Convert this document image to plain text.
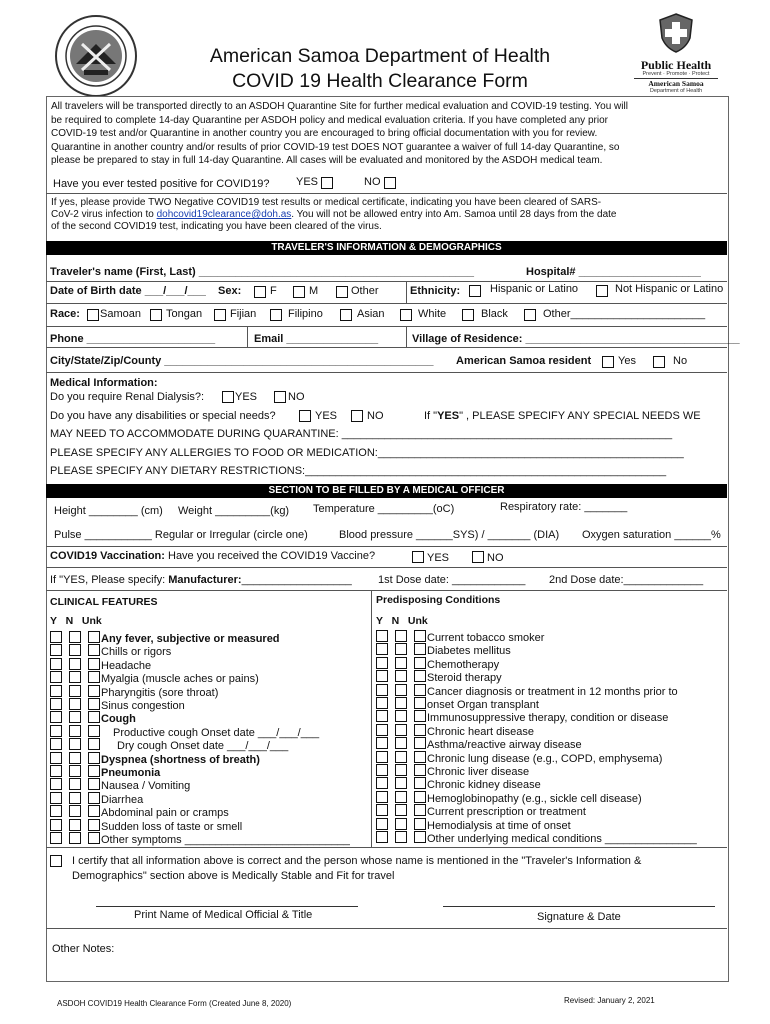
American Samoa Department of Health
COVID 19 Health Clearance Form
Public Health
Prevent · Promote · Protect
American Samoa
Department of Health
All travelers will be transported directly to an ASDOH Quarantine Site for further medical evaluation and COVID-19 testing. You will
be required to complete 14-day Quarantine per ASDOH policy and medical evaluation criteria. If you have completed any prior
COVID-19 test and/or Quarantine in another country you are encouraged to bring official documentation with you for review.
Quarantine in another country and/or results of prior COVID-19 test DOES NOT guarantee a waiver of full 14-day Quarantine, so
please be prepared to stay in full 14-day Quarantine. All cases will be evaluated and monitored by the ASDOH medical team.
Have you ever tested positive for COVID19? YES	NO
If yes, please provide TWO Negative COVID19 test results or medical certificate, indicating you have been cleared of SARS-
CoV-2 virus infection to dohcovid19clearance@doh.as. You will not be allowed entry into Am. Samoa until 28 days from the date
of the second COVID19 test, indicating you have been cleared of the virus.
TRAVELER'S INFORMATION & DEMOGRAPHICS
Traveler's name (First, Last) _____________________________________________	Hospital# ____________________
Date of Birth date ___/___/___ Sex:	F	M	Other	Ethnicity:	Hispanic or Latino	Not Hispanic or Latino
Race: Samoan Tongan	Fijian	Filipino	Asian	White	Black	Other______________________
Phone _____________________	Email _______________	Village of Residence: ___________________________________
City/State/Zip/County ____________________________________________ American Samoa resident Yes	No
Medical Information:
Do you require Renal Dialysis?:	YES	NO
Do you have any disabilities or special needs?	YES	NO	If "YES" , PLEASE SPECIFY ANY SPECIAL NEEDS WE
MAY NEED TO ACCOMMODATE DURING QUARANTINE: ______________________________________________________
PLEASE SPECIFY ANY ALLERGIES TO FOOD OR MEDICATION:__________________________________________________
PLEASE SPECIFY ANY DIETARY RESTRICTIONS:___________________________________________________________
SECTION TO BE FILLED BY A MEDICAL OFFICER
Height ________ (cm) Weight _________(kg) Temperature _________(oC)	Respiratory rate: _______
Pulse ___________ Regular or Irregular (circle one)	Blood pressure ______SYS) / _______ (DIA) Oxygen saturation ______%
COVID19 Vaccination: Have you received the COVID19 Vaccine?	YES	NO
If "YES, Please specify: Manufacturer:__________________ 1st Dose date: ____________ 2nd Dose date:_____________
CLINICAL FEATURES
Y   N   Unk
Any fever, subjective or measured
Chills or rigors
Headache
Myalgia (muscle aches or pains)
Pharyngitis (sore throat)
Sinus congestion
Cough
Productive cough Onset date ___/___/___
Dry cough Onset date ___/___/___
Dyspnea (shortness of breath)
Pneumonia
Nausea / Vomiting
Diarrhea
Abdominal pain or cramps
Sudden loss of taste or smell
Other symptoms ___________________________
Predisposing Conditions
Y   N   Unk
Current tobacco smoker
Diabetes mellitus
Chemotherapy
Steroid therapy
Cancer diagnosis or treatment in 12 months prior to
onset Organ transplant
Immunosuppressive therapy, condition or disease
Chronic heart disease
Asthma/reactive airway disease
Chronic lung disease (e.g., COPD, emphysema)
Chronic liver disease
Chronic kidney disease
Hemoglobinopathy (e.g., sickle cell disease)
Current prescription or treatment
Hemodialysis at time of onset
Other underlying medical conditions _______________
I certify that all information above is correct and the person whose name is mentioned in the "Traveler's Information &
Demographics" section above is Medically Stable and Fit for travel
Print Name of Medical Official & Title	Signature & Date
Other Notes:
ASDOH COVID19 Health Clearance Form (Created June 8, 2020)	Revised: January 2, 2021
